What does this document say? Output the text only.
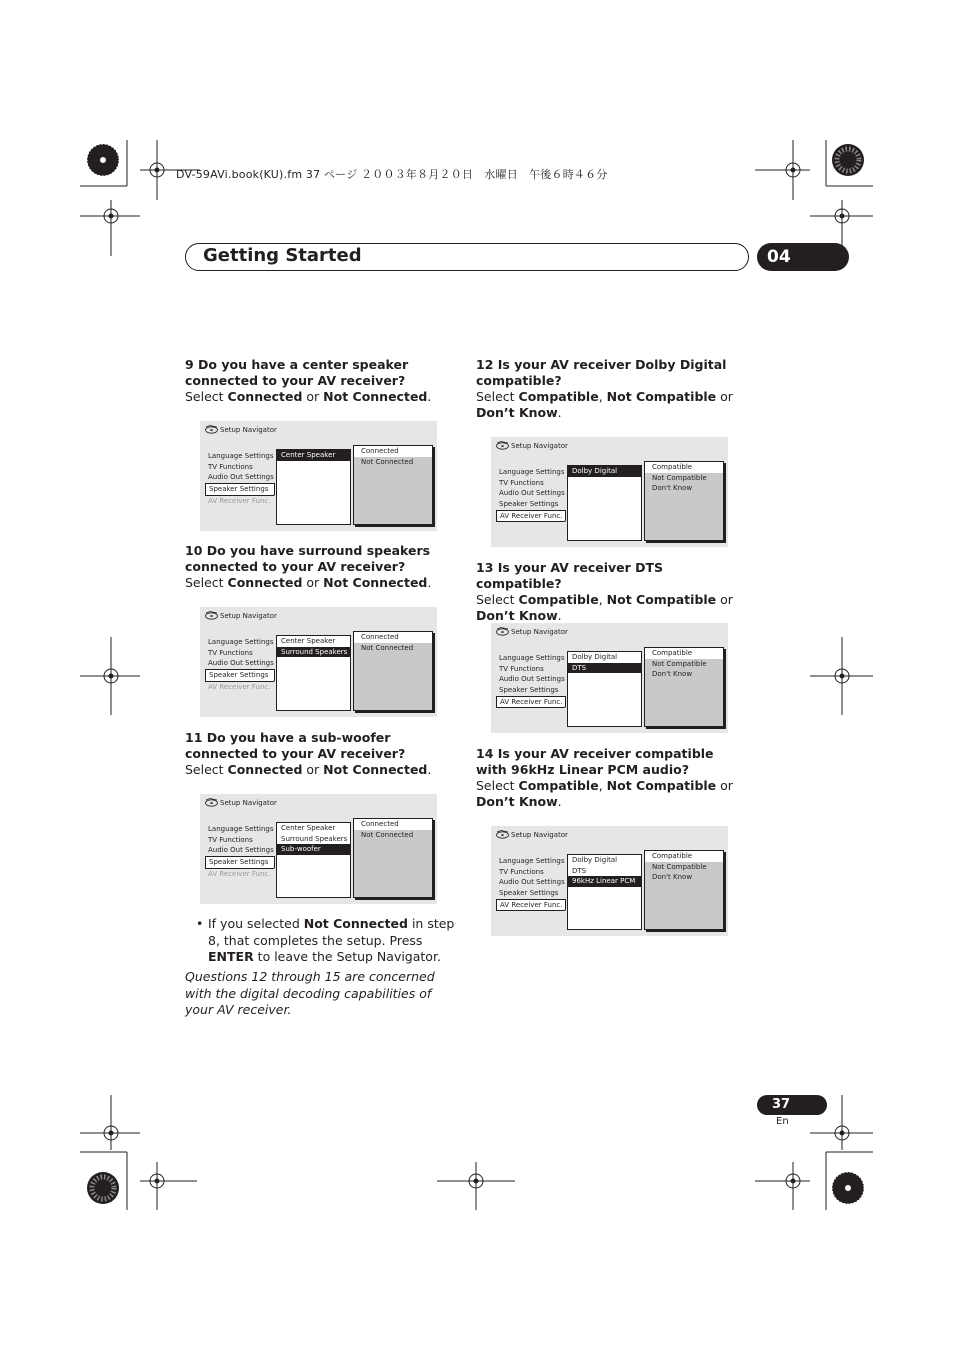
DV-59AVi.book(KU).fm 37 ページ ２００３年８月２０日　水曜日　午後６時４６分
Getting Started	04
9 Do you have a center speaker connected to your AV receiver?
Select Connected or Not Connected.
Setup Navigator
Language Settings
TV Functions
Audio Out Settings
Speaker Settings
AV Receiver Func.
Center Speaker	Connected
Not Connected
10 Do you have surround speakers connected to your AV receiver?
Select Connected or Not Connected.
Setup Navigator
Language Settings
TV Functions
Audio Out Settings
Speaker Settings
AV Receiver Func.
Center Speaker
Surround Speakers
Connected
Not Connected
11 Do you have a sub-woofer connected to your AV receiver?
Select Connected or Not Connected.
Setup Navigator
Language Settings
TV Functions
Audio Out Settings
Speaker Settings
AV Receiver Func.
Center Speaker
Surround Speakers
Sub-woofer
Connected
Not Connected
12 Is your AV receiver Dolby Digital compatible?
Select Compatible, Not Compatible or Don’t Know.
Setup Navigator
Language Settings
TV Functions
Audio Out Settings
Speaker Settings
AV Receiver Func.
Dolby Digital	Compatible
Not Compatible
Don't Know
13 Is your AV receiver DTS compatible?
Select Compatible, Not Compatible or Don’t Know.
Setup Navigator
Language Settings
TV Functions
Audio Out Settings
Speaker Settings
AV Receiver Func.
Dolby Digital
DTS
Compatible
Not Compatible
Don't Know
14 Is your AV receiver compatible with 96kHz Linear PCM audio?
Select Compatible, Not Compatible or Don’t Know.
Setup Navigator
Language Settings
TV Functions
Audio Out Settings
Speaker Settings
AV Receiver Func.
Dolby Digital
DTS
96kHz Linear PCM
Compatible
Not Compatible
Don't Know
• If you selected Not Connected in step 8, that completes the setup. Press ENTER to leave the Setup Navigator.
Questions 12 through 15 are concerned with the digital decoding capabilities of your AV receiver.
37
En
